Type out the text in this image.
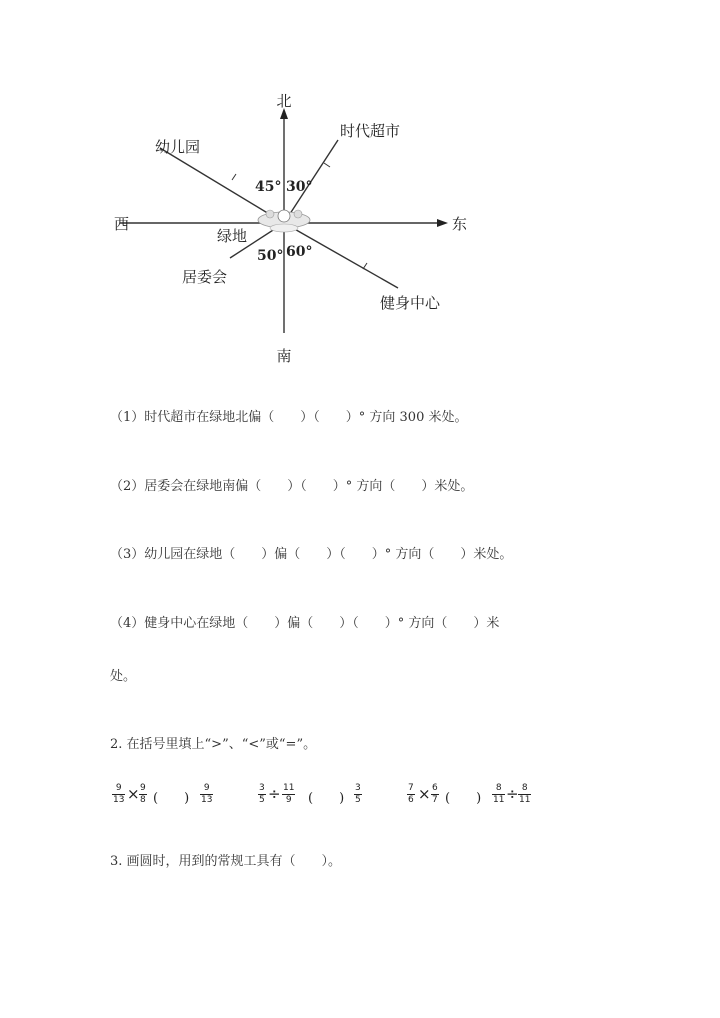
北
南
东
西
绿地
幼儿园
时代超市
居委会
健身中心
45° 30°
50° 60°
（1）时代超市在绿地北偏（　　）（　　）° 方向 300 米处。
（2）居委会在绿地南偏（　　）（　　）° 方向（　　）米处。
（3）幼儿园在绿地（　　）偏（　　）（　　）° 方向（　　）米处。
（4）健身中心在绿地（　　）偏（　　）（　　）° 方向（　　）米
处。
2. 在括号里填上“>”、“<”或“=”。
9
13 × 9
8 (　　)
9
13
3
5 ÷ 11
9 (　　)
3
5
7
6 × 6
7 (　　)
8
11 ÷ 8
11
3. 画圆时，用到的常规工具有（　　）。
